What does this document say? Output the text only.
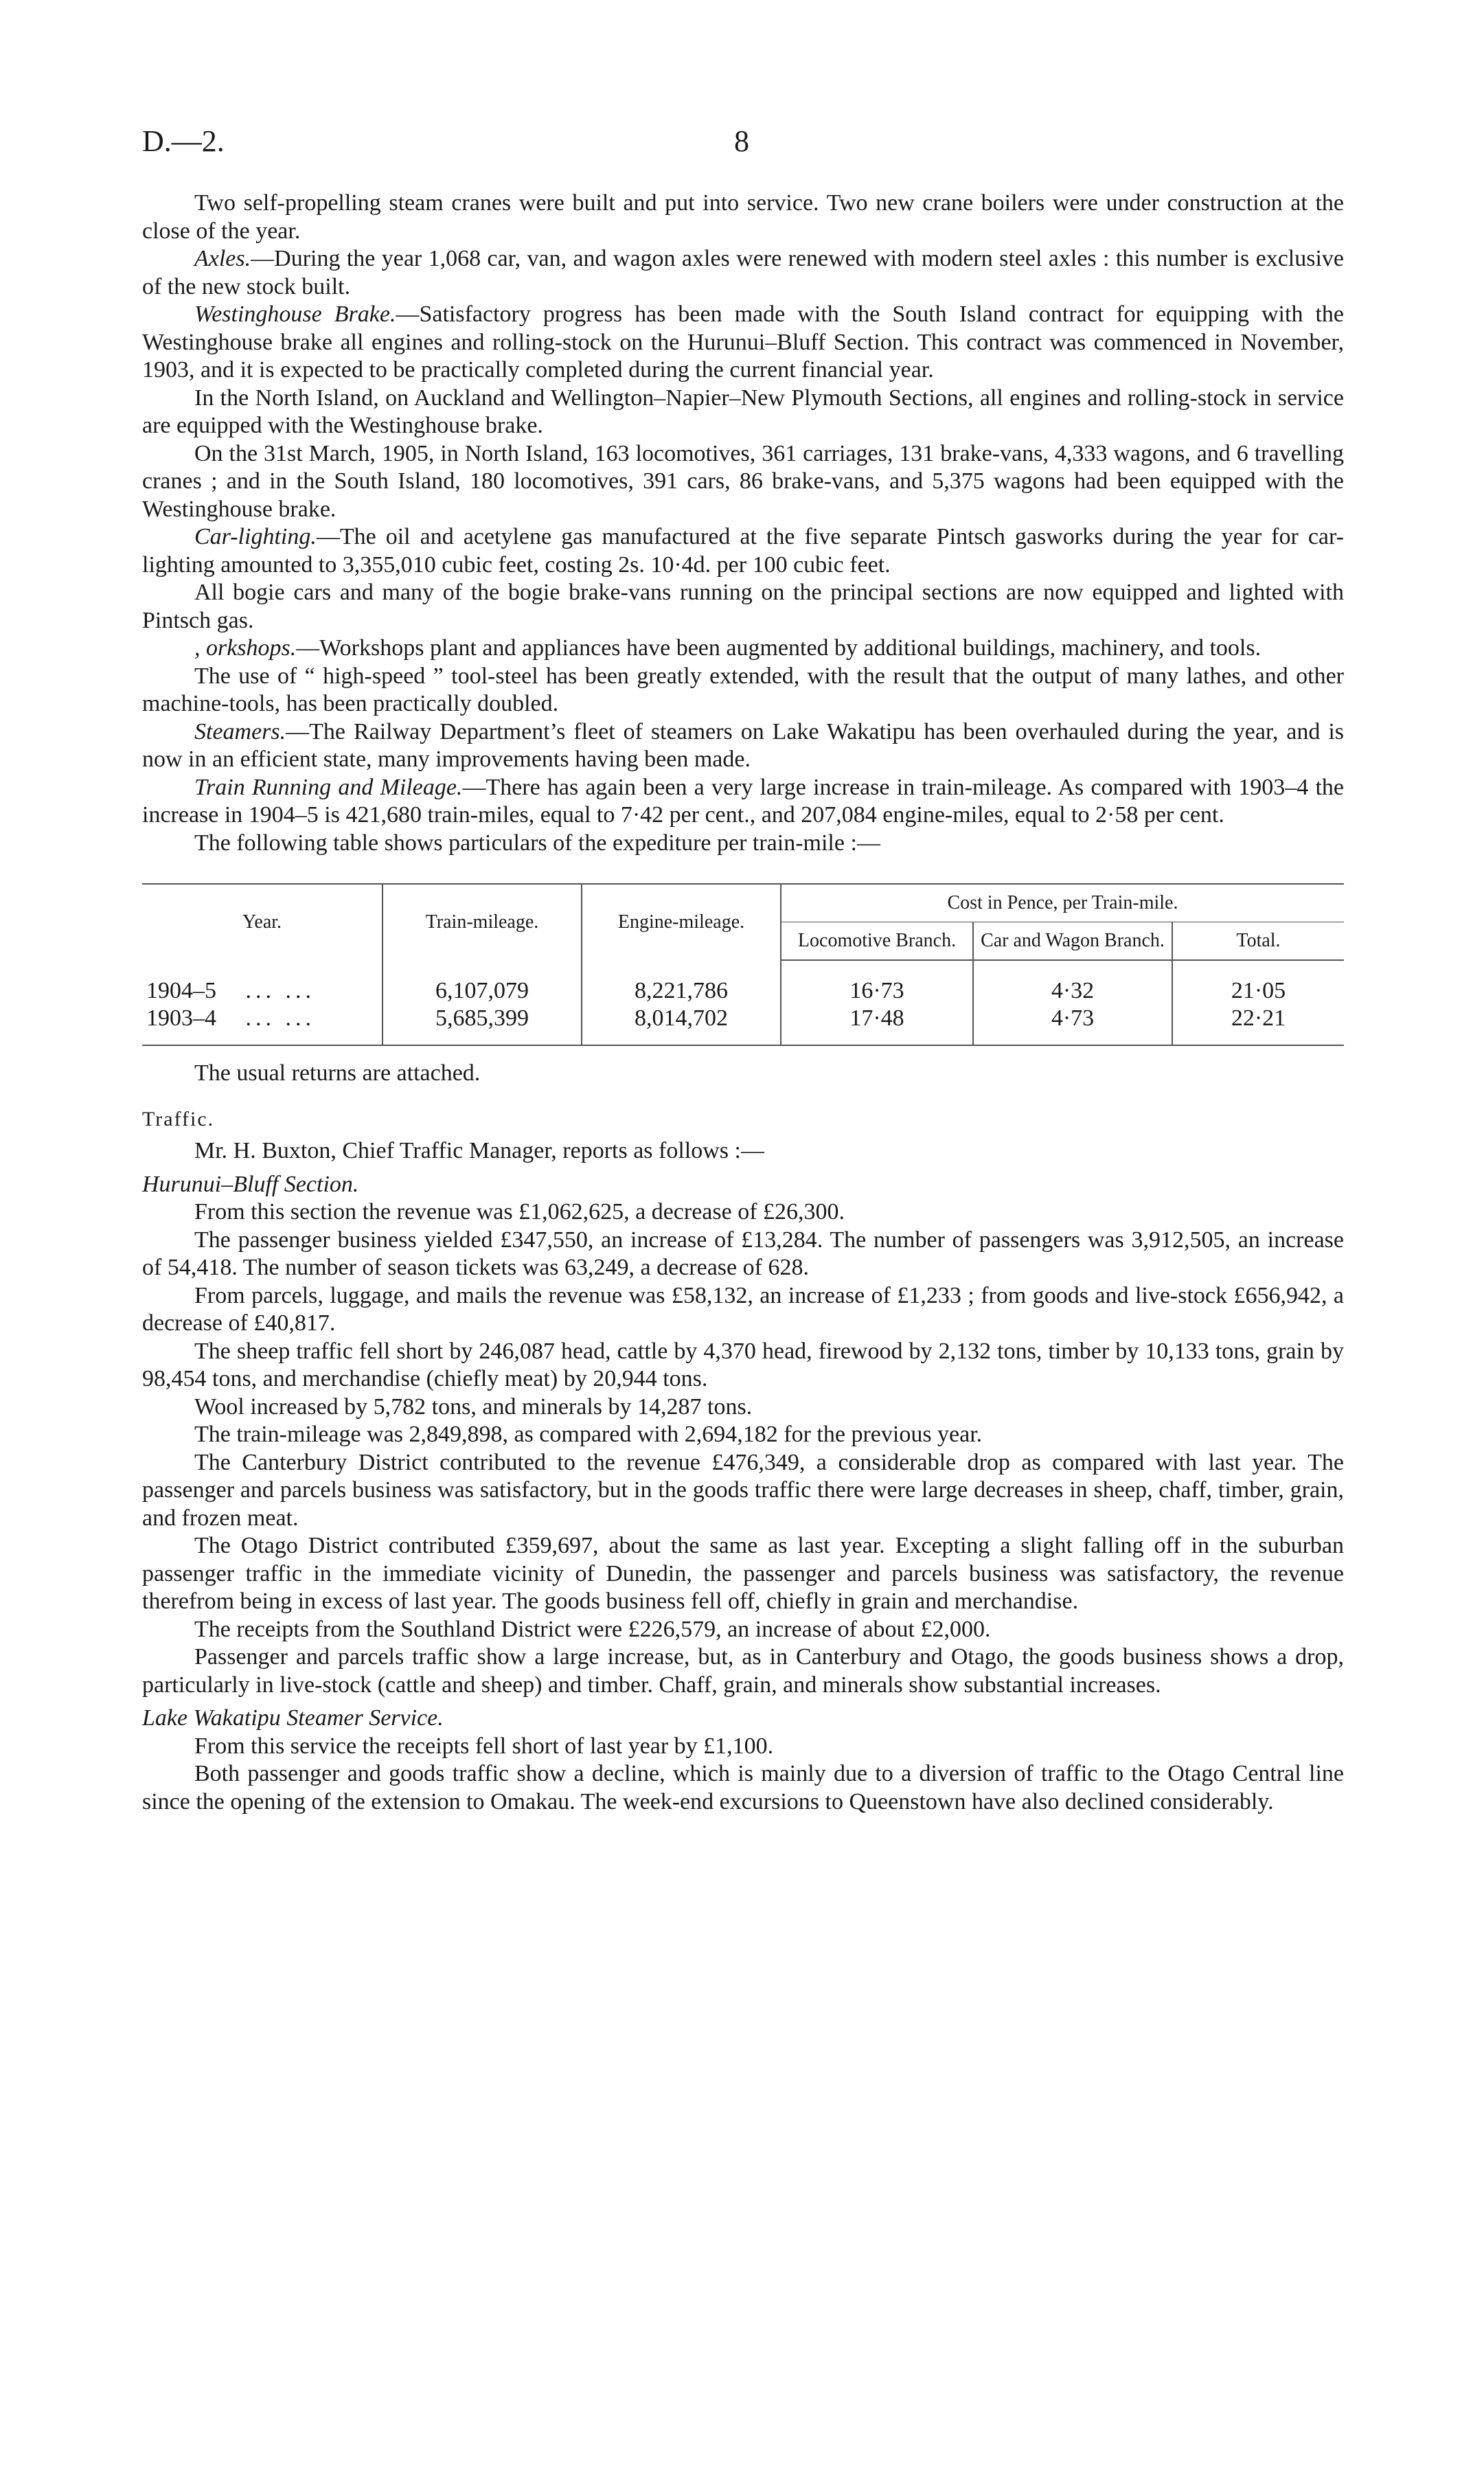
D.—2.	8

Two self-propelling steam cranes were built and put into service. Two new crane boilers were under construction at the close of the year.

Axles.—During the year 1,068 car, van, and wagon axles were renewed with modern steel axles : this number is exclusive of the new stock built.

Westinghouse Brake.—Satisfactory progress has been made with the South Island contract for equipping with the Westinghouse brake all engines and rolling-stock on the Hurunui–Bluff Section. This contract was commenced in November, 1903, and it is expected to be practically completed during the current financial year.

In the North Island, on Auckland and Wellington–Napier–New Plymouth Sections, all engines and rolling-stock in service are equipped with the Westinghouse brake.

On the 31st March, 1905, in North Island, 163 locomotives, 361 carriages, 131 brake-vans, 4,333 wagons, and 6 travelling cranes ; and in the South Island, 180 locomotives, 391 cars, 86 brake-vans, and 5,375 wagons had been equipped with the Westinghouse brake.

Car-lighting.—The oil and acetylene gas manufactured at the five separate Pintsch gasworks during the year for car-lighting amounted to 3,355,010 cubic feet, costing 2s. 10·4d. per 100 cubic feet.

All bogie cars and many of the bogie brake-vans running on the principal sections are now equipped and lighted with Pintsch gas.

, orkshops.—Workshops plant and appliances have been augmented by additional buildings, machinery, and tools.

The use of “ high-speed ” tool-steel has been greatly extended, with the result that the output of many lathes, and other machine-tools, has been practically doubled.

Steamers.—The Railway Department’s fleet of steamers on Lake Wakatipu has been overhauled during the year, and is now in an efficient state, many improvements having been made.

Train Running and Mileage.—There has again been a very large increase in train-mileage. As compared with 1903–4 the increase in 1904–5 is 421,680 train-miles, equal to 7·42 per cent., and 207,084 engine-miles, equal to 2·58 per cent.

The following table shows particulars of the expediture per train-mile :—

Year.	Train-mileage.	Engine-mileage.	Cost in Pence, per Train-mile.		
			Locomotive Branch.	Car and Wagon Branch.	Total.
1904–5 ... ...	6,107,079	8,221,786	16·73	4·32	21·05
1903–4 ... ...	5,685,399	8,014,702	17·48	4·73	22·21

The usual returns are attached.

Traffic.

Mr. H. Buxton, Chief Traffic Manager, reports as follows :—

Hurunui–Bluff Section.

From this section the revenue was £1,062,625, a decrease of £26,300.

The passenger business yielded £347,550, an increase of £13,284. The number of passengers was 3,912,505, an increase of 54,418. The number of season tickets was 63,249, a decrease of 628.

From parcels, luggage, and mails the revenue was £58,132, an increase of £1,233 ; from goods and live-stock £656,942, a decrease of £40,817.

The sheep traffic fell short by 246,087 head, cattle by 4,370 head, firewood by 2,132 tons, timber by 10,133 tons, grain by 98,454 tons, and merchandise (chiefly meat) by 20,944 tons.

Wool increased by 5,782 tons, and minerals by 14,287 tons.

The train-mileage was 2,849,898, as compared with 2,694,182 for the previous year.

The Canterbury District contributed to the revenue £476,349, a considerable drop as compared with last year. The passenger and parcels business was satisfactory, but in the goods traffic there were large decreases in sheep, chaff, timber, grain, and frozen meat.

The Otago District contributed £359,697, about the same as last year. Excepting a slight falling off in the suburban passenger traffic in the immediate vicinity of Dunedin, the passenger and parcels business was satisfactory, the revenue therefrom being in excess of last year. The goods business fell off, chiefly in grain and merchandise.

The receipts from the Southland District were £226,579, an increase of about £2,000.

Passenger and parcels traffic show a large increase, but, as in Canterbury and Otago, the goods business shows a drop, particularly in live-stock (cattle and sheep) and timber. Chaff, grain, and minerals show substantial increases.

Lake Wakatipu Steamer Service.

From this service the receipts fell short of last year by £1,100.

Both passenger and goods traffic show a decline, which is mainly due to a diversion of traffic to the Otago Central line since the opening of the extension to Omakau. The week-end excursions to Queenstown have also declined considerably.
